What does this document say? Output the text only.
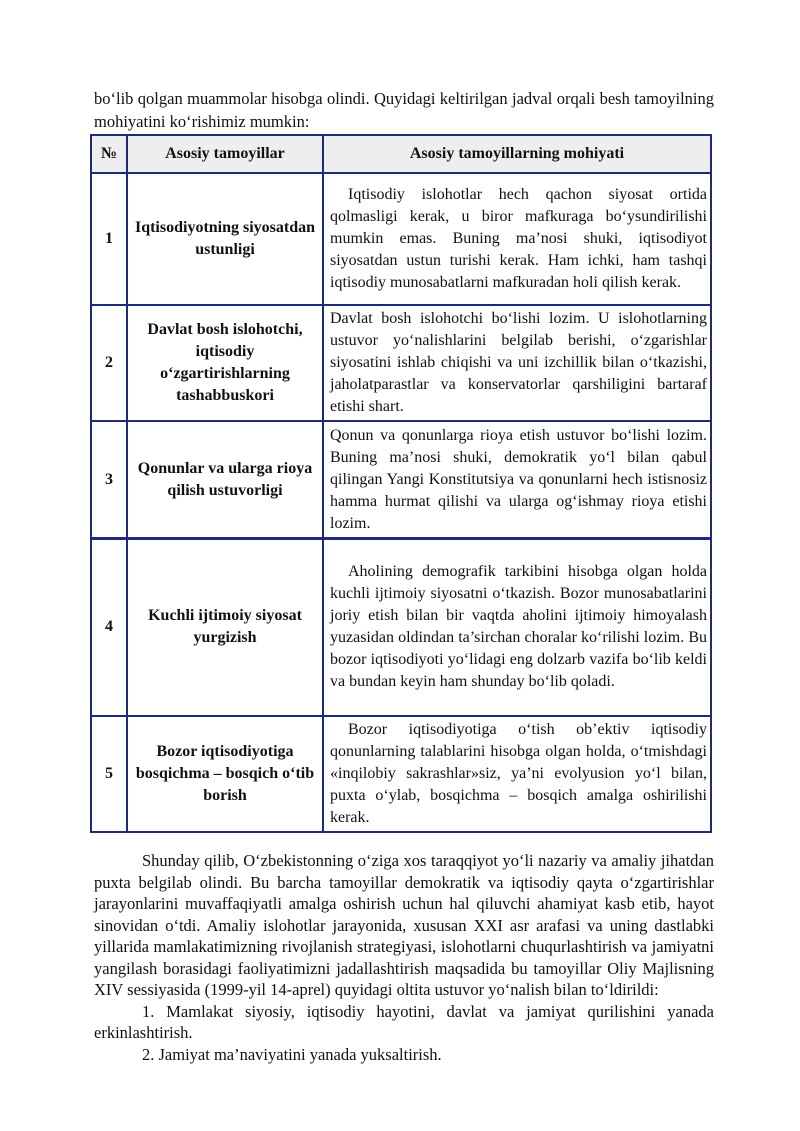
bo‘lib qolgan muammolar hisobga olindi. Quyidagi keltirilgan jadval orqali besh tamoyilning mohiyatini ko‘rishimiz mumkin:

№	Asosiy tamoyillar	Asosiy tamoyillarning mohiyati
1	Iqtisodiyotning siyosatdan ustunligi	Iqtisodiy islohotlar hech qachon siyosat ortida qolmasligi kerak, u biror mafkuraga bo‘ysundirilishi mumkin emas. Buning ma’nosi shuki, iqtisodiyot siyosatdan ustun turishi kerak. Ham ichki, ham tashqi iqtisodiy munosabatlarni mafkuradan holi qilish kerak.
2	Davlat bosh islohotchi, iqtisodiy o‘zgartirishlarning tashabbuskori	Davlat bosh islohotchi bo‘lishi lozim. U islohotlarning ustuvor yo‘nalishlarini belgilab berishi, o‘zgarishlar siyosatini ishlab chiqishi va uni izchillik bilan o‘tkazishi, jaholatparastlar va konservatorlar qarshiligini bartaraf etishi shart.
3	Qonunlar va ularga rioya qilish ustuvorligi	Qonun va qonunlarga rioya etish ustuvor bo‘lishi lozim. Buning ma’nosi shuki, demokratik yo‘l bilan qabul qilingan Yangi Konstitutsiya va qonunlarni hech istisnosiz hamma hurmat qilishi va ularga og‘ishmay rioya etishi lozim.
4	Kuchli ijtimoiy siyosat yurgizish	Aholining demografik tarkibini hisobga olgan holda kuchli ijtimoiy siyosatni o‘tkazish. Bozor munosabatlarini joriy etish bilan bir vaqtda aholini ijtimoiy himoyalash yuzasidan oldindan ta’sirchan choralar ko‘rilishi lozim. Bu bozor iqtisodiyoti yo‘lidagi eng dolzarb vazifa bo‘lib keldi va bundan keyin ham shunday bo‘lib qoladi.
5	Bozor iqtisodiyotiga bosqichma – bosqich o‘tib borish	Bozor iqtisodiyotiga o‘tish ob’ektiv iqtisodiy qonunlarning talablarini hisobga olgan holda, o‘tmishdagi «inqilobiy sakrashlar»siz, ya’ni evolyusion yo‘l bilan, puxta o‘ylab, bosqichma – bosqich amalga oshirilishi kerak.

Shunday qilib, O‘zbekistonning o‘ziga xos taraqqiyot yo‘li nazariy va amaliy jihatdan puxta belgilab olindi. Bu barcha tamoyillar demokratik va iqtisodiy qayta o‘zgartirishlar jarayonlarini muvaffaqiyatli amalga oshirish uchun hal qiluvchi ahamiyat kasb etib, hayot sinovidan o‘tdi. Amaliy islohotlar jarayonida, xususan XXI asr arafasi va uning dastlabki yillarida mamlakatimizning rivojlanish strategiyasi, islohotlarni chuqurlashtirish va jamiyatni yangilash borasidagi faoliyatimizni jadallashtirish maqsadida bu tamoyillar Oliy Majlisning XIV sessiyasida (1999-yil 14-aprel) quyidagi oltita ustuvor yo‘nalish bilan to‘ldirildi:

1. Mamlakat siyosiy, iqtisodiy hayotini, davlat va jamiyat qurilishini yanada erkinlashtirish.

2. Jamiyat ma’naviyatini yanada yuksaltirish.
